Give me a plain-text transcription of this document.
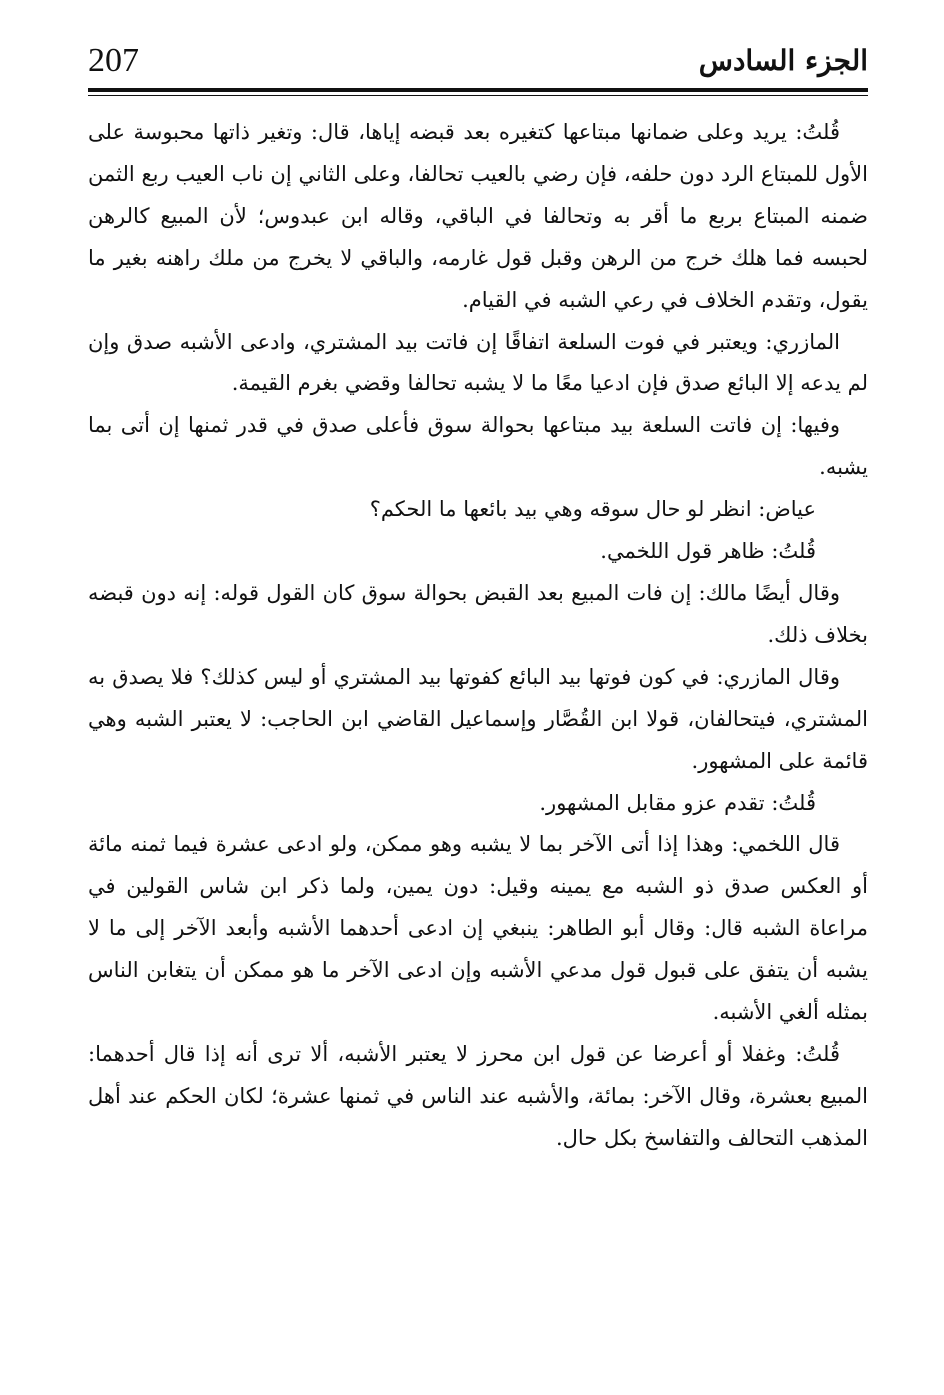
207	الجزء السادس

قُلتُ: يريد وعلى ضمانها مبتاعها كتغيره بعد قبضه إياها، قال: وتغير ذاتها محبوسة على الأول للمبتاع الرد دون حلفه، فإن رضي بالعيب تحالفا، وعلى الثاني إن ناب العيب ربع الثمن ضمنه المبتاع بربع ما أقر به وتحالفا في الباقي، وقاله ابن عبدوس؛ لأن المبيع كالرهن لحبسه فما هلك خرج من الرهن وقبل قول غارمه، والباقي لا يخرج من ملك راهنه بغير ما يقول، وتقدم الخلاف في رعي الشبه في القيام.

المازري: ويعتبر في فوت السلعة اتفاقًا إن فاتت بيد المشتري، وادعى الأشبه صدق وإن لم يدعه إلا البائع صدق فإن ادعيا معًا ما لا يشبه تحالفا وقضي بغرم القيمة.

وفيها: إن فاتت السلعة بيد مبتاعها بحوالة سوق فأعلى صدق في قدر ثمنها إن أتى بما يشبه.

عياض: انظر لو حال سوقه وهي بيد بائعها ما الحكم؟

قُلتُ: ظاهر قول اللخمي.

وقال أيضًا مالك: إن فات المبيع بعد القبض بحوالة سوق كان القول قوله: إنه دون قبضه بخلاف ذلك.

وقال المازري: في كون فوتها بيد البائع كفوتها بيد المشتري أو ليس كذلك؟ فلا يصدق به المشتري، فيتحالفان، قولا ابن القُصَّار وإسماعيل القاضي ابن الحاجب: لا يعتبر الشبه وهي قائمة على المشهور.

قُلتُ: تقدم عزو مقابل المشهور.

قال اللخمي: وهذا إذا أتى الآخر بما لا يشبه وهو ممكن، ولو ادعى عشرة فيما ثمنه مائة أو العكس صدق ذو الشبه مع يمينه وقيل: دون يمين، ولما ذكر ابن شاس القولين في مراعاة الشبه قال: وقال أبو الطاهر: ينبغي إن ادعى أحدهما الأشبه وأبعد الآخر إلى ما لا يشبه أن يتفق على قبول قول مدعي الأشبه وإن ادعى الآخر ما هو ممكن أن يتغابن الناس بمثله ألغي الأشبه.

قُلتُ: وغفلا أو أعرضا عن قول ابن محرز لا يعتبر الأشبه، ألا ترى أنه إذا قال أحدهما: المبيع بعشرة، وقال الآخر: بمائة، والأشبه عند الناس في ثمنها عشرة؛ لكان الحكم عند أهل المذهب التحالف والتفاسخ بكل حال.
